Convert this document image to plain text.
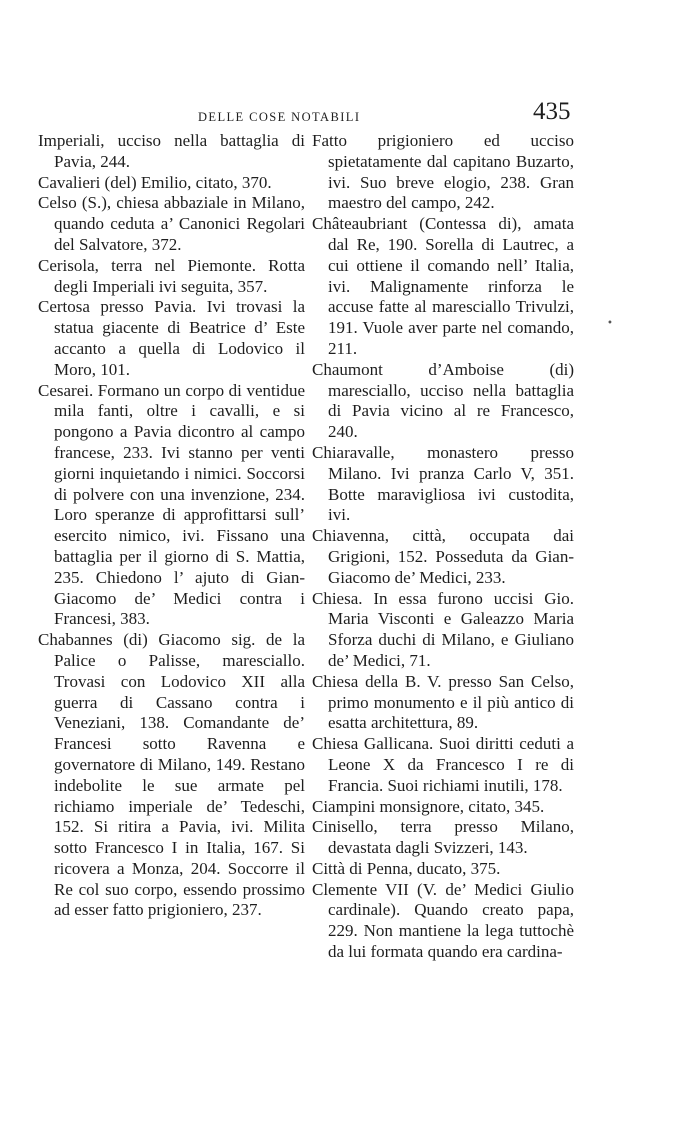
DELLE COSE NOTABILI	435

Imperiali, ucciso nella battaglia di Pavia, 244.

Cavalieri (del) Emilio, citato, 370.

Celso (S.), chiesa abbaziale in Milano, quando ceduta a’ Canonici Regolari del Salvatore, 372.

Cerisola, terra nel Piemonte. Rotta degli Imperiali ivi seguita, 357.

Certosa presso Pavia. Ivi trovasi la statua giacente di Beatrice d’ Este accanto a quella di Lodovico il Moro, 101.

Cesarei. Formano un corpo di ventidue mila fanti, oltre i cavalli, e si pongono a Pavia dicontro al campo francese, 233. Ivi stanno per venti giorni inquietando i nimici. Soccorsi di polvere con una invenzione, 234. Loro speranze di approfittarsi sull’ esercito nimico, ivi. Fissano una battaglia per il giorno di S. Mattia, 235. Chiedono l’ ajuto di Gian-Giacomo de’ Medici contra i Francesi, 383.

Chabannes (di) Giacomo sig. de la Palice o Palisse, maresciallo. Trovasi con Lodovico XII alla guerra di Cassano contra i Veneziani, 138. Comandante de’ Francesi sotto Ravenna e governatore di Milano, 149. Restano indebolite le sue armate pel richiamo imperiale de’ Tedeschi, 152. Si ritira a Pavia, ivi. Milita sotto Francesco I in Italia, 167. Si ricovera a Monza, 204. Soccorre il Re col suo corpo, essendo prossimo ad esser fatto prigioniero, 237.

Fatto prigioniero ed ucciso spietatamente dal capitano Buzarto, ivi. Suo breve elogio, 238. Gran maestro del campo, 242.

Châteaubriant (Contessa di), amata dal Re, 190. Sorella di Lautrec, a cui ottiene il comando nell’ Italia, ivi. Malignamente rinforza le accuse fatte al maresciallo Trivulzi, 191. Vuole aver parte nel comando, 211.

Chaumont d’Amboise (di) maresciallo, ucciso nella battaglia di Pavia vicino al re Francesco, 240.

Chiaravalle, monastero presso Milano. Ivi pranza Carlo V, 351. Botte maravigliosa ivi custodita, ivi.

Chiavenna, città, occupata dai Grigioni, 152. Posseduta da Gian-Giacomo de’ Medici, 233.

Chiesa. In essa furono uccisi Gio. Maria Visconti e Galeazzo Maria Sforza duchi di Milano, e Giuliano de’ Medici, 71.

Chiesa della B. V. presso San Celso, primo monumento e il più antico di esatta architettura, 89.

Chiesa Gallicana. Suoi diritti ceduti a Leone X da Francesco I re di Francia. Suoi richiami inutili, 178.

Ciampini monsignore, citato, 345.

Cinisello, terra presso Milano, devastata dagli Svizzeri, 143.

Città di Penna, ducato, 375.

Clemente VII (V. de’ Medici Giulio cardinale). Quando creato papa, 229. Non mantiene la lega tuttochè da lui formata quando era cardina-

•
